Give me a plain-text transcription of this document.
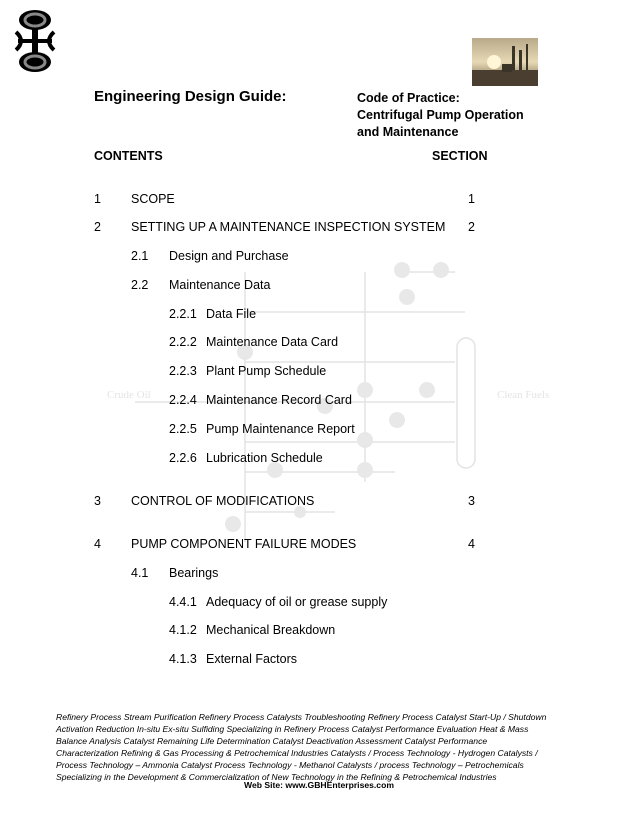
Engineering Design Guide:	Code of Practice:
Centrifugal Pump Operation
and Maintenance
CONTENTS	SECTION
Crude Oil	Clean Fuels
1 SCOPE	1
2 SETTING UP A MAINTENANCE INSPECTION SYSTEM 2
2.1 Design and Purchase
2.2 Maintenance Data
2.2.1 Data File
2.2.2 Maintenance Data Card
2.2.3 Plant Pump Schedule
2.2.4 Maintenance Record Card
2.2.5 Pump Maintenance Report
2.2.6 Lubrication Schedule
3 CONTROL OF MODIFICATIONS	3
4 PUMP COMPONENT FAILURE MODES	4
4.1 Bearings
4.4.1 Adequacy of oil or grease supply
4.1.2 Mechanical Breakdown
4.1.3 External Factors
Refinery Process Stream Purification Refinery Process Catalysts Troubleshooting Refinery Process Catalyst Start-Up / Shutdown
Activation Reduction In-situ Ex-situ Sulfiding Specializing in Refinery Process Catalyst Performance Evaluation Heat & Mass
Balance Analysis Catalyst Remaining Life Determination Catalyst Deactivation Assessment Catalyst Performance
Characterization Refining & Gas Processing & Petrochemical Industries Catalysts / Process Technology - Hydrogen Catalysts /
Process Technology – Ammonia Catalyst Process Technology - Methanol Catalysts / process Technology – Petrochemicals
Specializing in the Development & Commercialization of New Technology in the Refining & Petrochemical Industries
Web Site: www.GBHEnterprises.com
